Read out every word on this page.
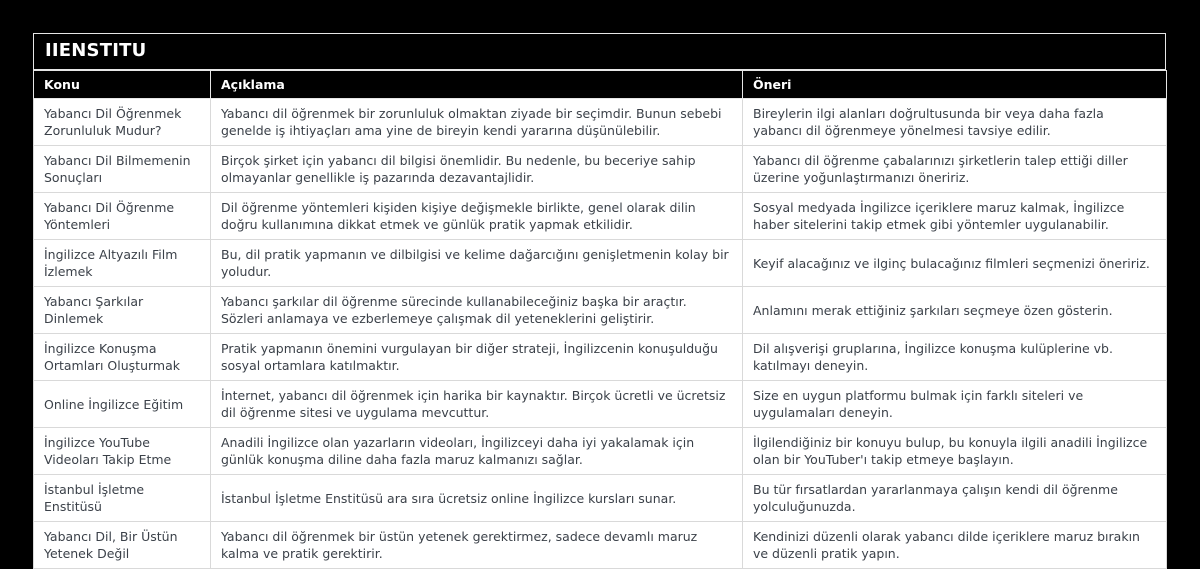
IIENSTITU
Konu	Açıklama	Öneri
Yabancı Dil Öğrenmek Zorunluluk Mudur?	Yabancı dil öğrenmek bir zorunluluk olmaktan ziyade bir seçimdir. Bunun sebebi genelde iş ihtiyaçları ama yine de bireyin kendi yararına düşünülebilir.	Bireylerin ilgi alanları doğrultusunda bir veya daha fazla yabancı dil öğrenmeye yönelmesi tavsiye edilir.
Yabancı Dil Bilmemenin Sonuçları	Birçok şirket için yabancı dil bilgisi önemlidir. Bu nedenle, bu beceriye sahip olmayanlar genellikle iş pazarında dezavantajlidir.	Yabancı dil öğrenme çabalarınızı şirketlerin talep ettiği diller üzerine yoğunlaştırmanızı öneririz.
Yabancı Dil Öğrenme Yöntemleri	Dil öğrenme yöntemleri kişiden kişiye değişmekle birlikte, genel olarak dilin doğru kullanımına dikkat etmek ve günlük pratik yapmak etkilidir.	Sosyal medyada İngilizce içeriklere maruz kalmak, İngilizce haber sitelerini takip etmek gibi yöntemler uygulanabilir.
İngilizce Altyazılı Film İzlemek	Bu, dil pratik yapmanın ve dilbilgisi ve kelime dağarcığını genişletmenin kolay bir yoludur.	Keyif alacağınız ve ilginç bulacağınız filmleri seçmenizi öneririz.
Yabancı Şarkılar Dinlemek	Yabancı şarkılar dil öğrenme sürecinde kullanabileceğiniz başka bir araçtır. Sözleri anlamaya ve ezberlemeye çalışmak dil yeteneklerini geliştirir.	Anlamını merak ettiğiniz şarkıları seçmeye özen gösterin.
İngilizce Konuşma Ortamları Oluşturmak	Pratik yapmanın önemini vurgulayan bir diğer strateji, İngilizcenin konuşulduğu sosyal ortamlara katılmaktır.	Dil alışverişi gruplarına, İngilizce konuşma kulüplerine vb. katılmayı deneyin.
Online İngilizce Eğitim	İnternet, yabancı dil öğrenmek için harika bir kaynaktır. Birçok ücretli ve ücretsiz dil öğrenme sitesi ve uygulama mevcuttur.	Size en uygun platformu bulmak için farklı siteleri ve uygulamaları deneyin.
İngilizce YouTube Videoları Takip Etme	Anadili İngilizce olan yazarların videoları, İngilizceyi daha iyi yakalamak için günlük konuşma diline daha fazla maruz kalmanızı sağlar.	İlgilendiğiniz bir konuyu bulup, bu konuyla ilgili anadili İngilizce olan bir YouTuber'ı takip etmeye başlayın.
İstanbul İşletme Enstitüsü	İstanbul İşletme Enstitüsü ara sıra ücretsiz online İngilizce kursları sunar.	Bu tür fırsatlardan yararlanmaya çalışın kendi dil öğrenme yolculuğunuzda.
Yabancı Dil, Bir Üstün Yetenek Değil	Yabancı dil öğrenmek bir üstün yetenek gerektirmez, sadece devamlı maruz kalma ve pratik gerektirir.	Kendinizi düzenli olarak yabancı dilde içeriklere maruz bırakın ve düzenli pratik yapın.
